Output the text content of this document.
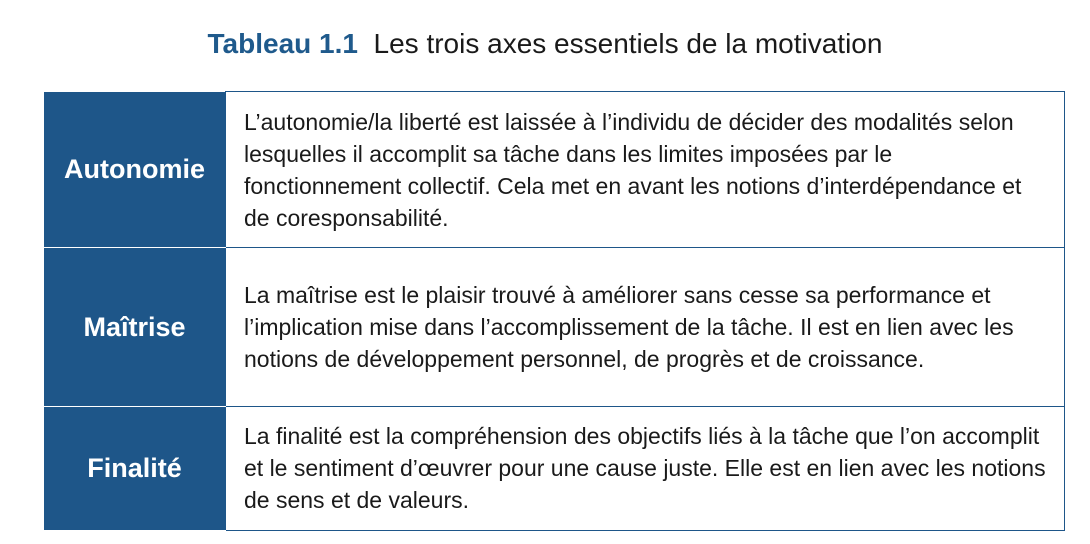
Tableau 1.1 Les trois axes essentiels de la motivation
Autonomie	L’autonomie/la liberté est laissée à l’individu de décider des modalités selon lesquelles il accomplit sa tâche dans les limites imposées par le fonctionnement collectif. Cela met en avant les notions d’interdépendance et de coresponsabilité.
Maîtrise	La maîtrise est le plaisir trouvé à améliorer sans cesse sa performance et l’implication mise dans l’accomplissement de la tâche. Il est en lien avec les notions de développement personnel, de progrès et de croissance.
Finalité	La finalité est la compréhension des objectifs liés à la tâche que l’on accomplit et le sentiment d’œuvrer pour une cause juste. Elle est en lien avec les notions de sens et de valeurs.
